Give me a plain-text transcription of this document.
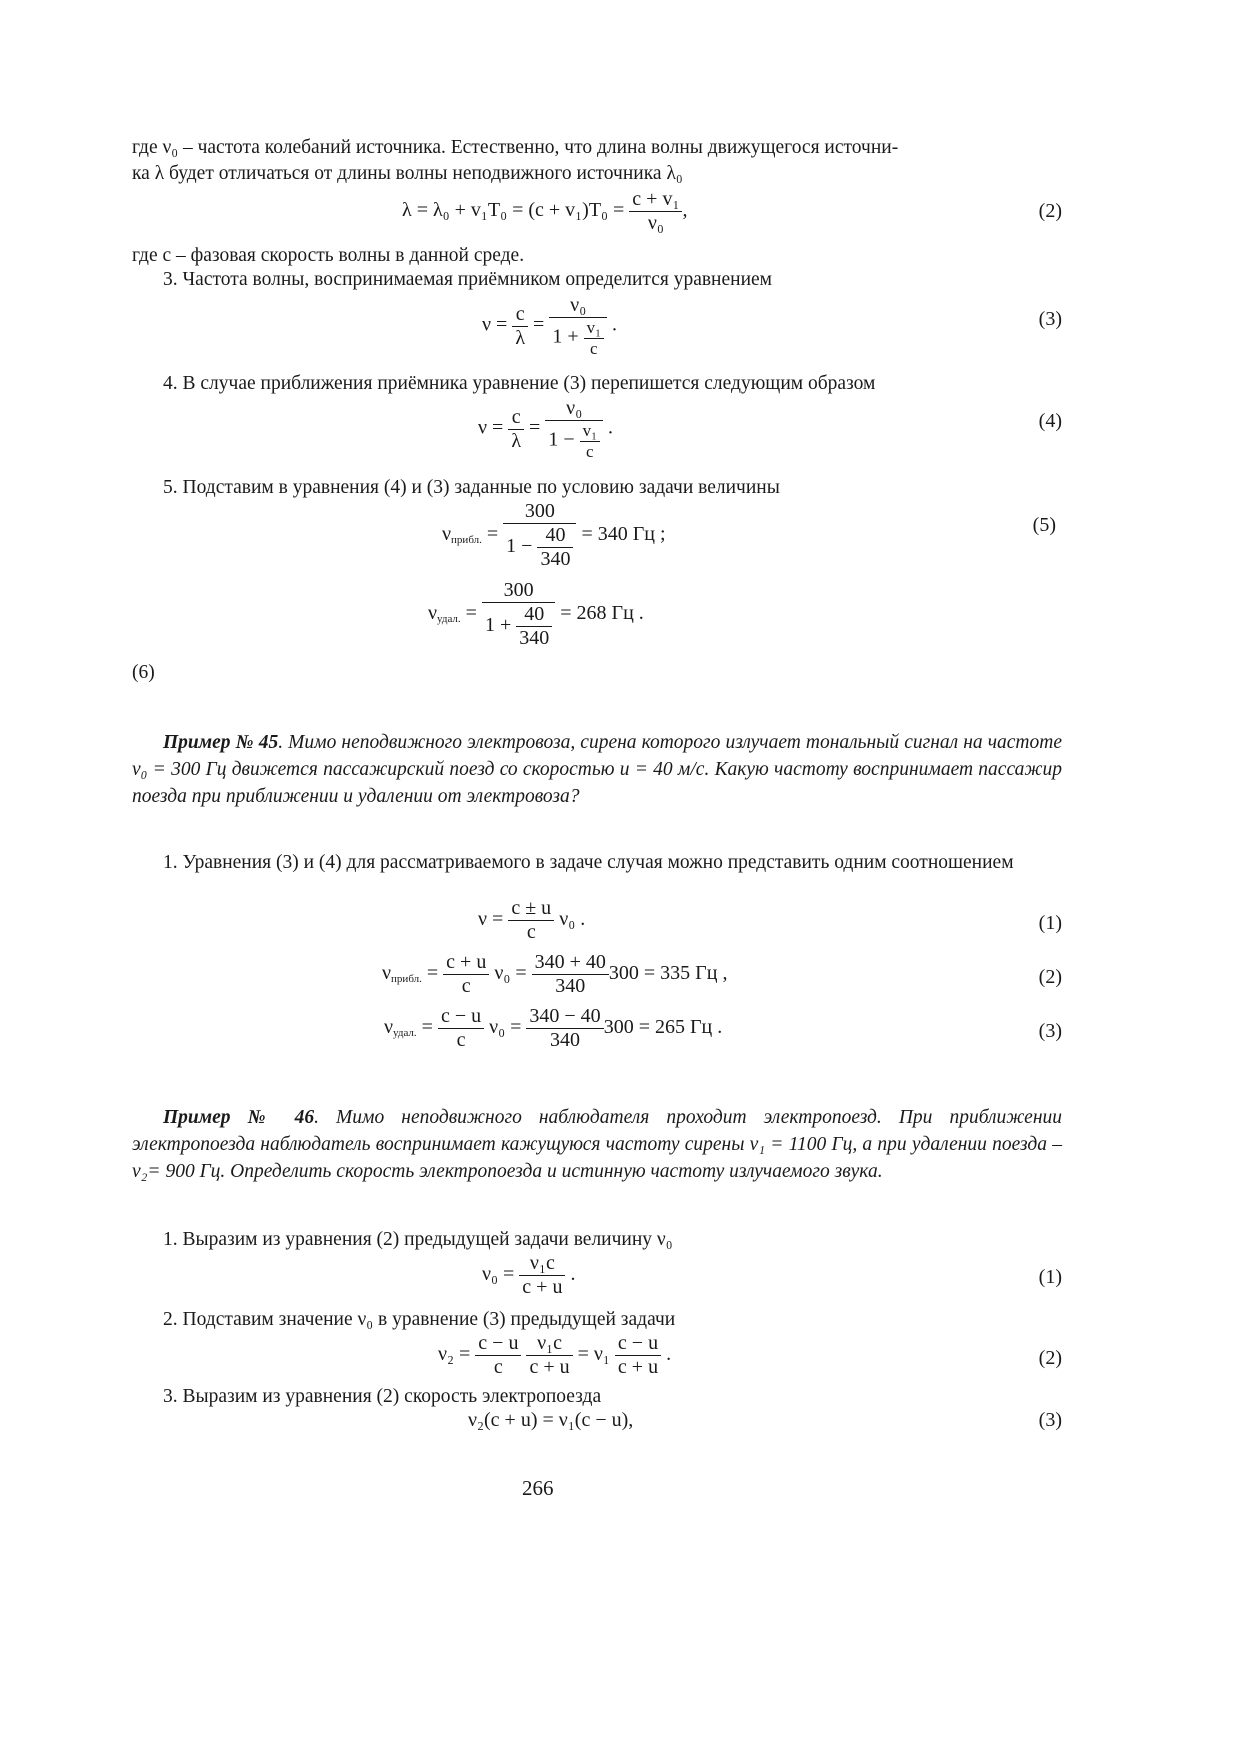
где ν₀ – частота колебаний источника. Естественно, что длина волны движущегося источни-
ка λ будет отличаться от длины волны неподвижного источника λ₀
$\lambda = \lambda_0 + v_1T_0 = (c + v_1)T_0 = \frac{\text{c + v₁}}{\text{ν₀}}$ ,	(2)
где c – фазовая скорость волны в данной среде.
3. Частота волны, воспринимаемая приёмником определится уравнением
$\nu = \frac{c}{\lambda} = \frac{\text{ν₀}}{1 + \frac{\text{v₁}}{c}}$ .	(3)
4. В случае приближения приёмника уравнение (3) перепишется следующим образом
$\nu = \frac{c}{\lambda} = \frac{\text{ν₀}}{1 - \frac{\text{v₁}}{c}}$ .	(4)
5. Подставим в уравнения (4) и (3) заданные по условию задачи величины
$\nu_{прибл.} = \frac{300}{1 - \frac{40}{340}} = 340$ Гц ;	(5)
$\nu_{удал.} = \frac{300}{1 + \frac{40}{340}} = 268$ Гц .
(6)
Пример № 45. Мимо неподвижного электровоза, сирена которого излучает тональный сигнал на частоте ν₀ = 300 Гц движется пассажирский поезд со скоростью u = 40 м/с. Какую частоту воспринимает пассажир поезда при приближении и удалении от электровоза?
1. Уравнения (3) и (4) для рассматриваемого в задаче случая можно представить одним соотношением
$\nu = \frac{c \pm u}{c} \nu_0$ .	(1)
$\nu_{прибл.} = \frac{c + u}{c} \nu_0 = \frac{340 + 40}{340} 300 = 335$ Гц ,	(2)
$\nu_{удал.} = \frac{c - u}{c} \nu_0 = \frac{340 - 40}{340} 300 = 265$ Гц .	(3)
Пример № 46. Мимо неподвижного наблюдателя проходит электропоезд. При приближении электропоезда наблюдатель воспринимает кажущуюся частоту сирены ν₁ = 1100 Гц, а при удалении поезда – ν₂= 900 Гц. Определить скорость электропоезда и истинную частоту излучаемого звука.
1. Выразим из уравнения (2) предыдущей задачи величину ν₀
$\nu_0 = \frac{\text{ν₁c}}{c + u}$ .	(1)
2. Подставим значение ν₀ в уравнение (3) предыдущей задачи
$\nu_2 = \frac{c - u}{c}$
$\frac{\text{ν₁c}}{c + u} = \nu_1 \frac{c - u}{c + u}$ .	(2)
3. Выразим из уравнения (2) скорость электропоезда
ν₂(c + u) = ν₁(c − u),	(3)
266
